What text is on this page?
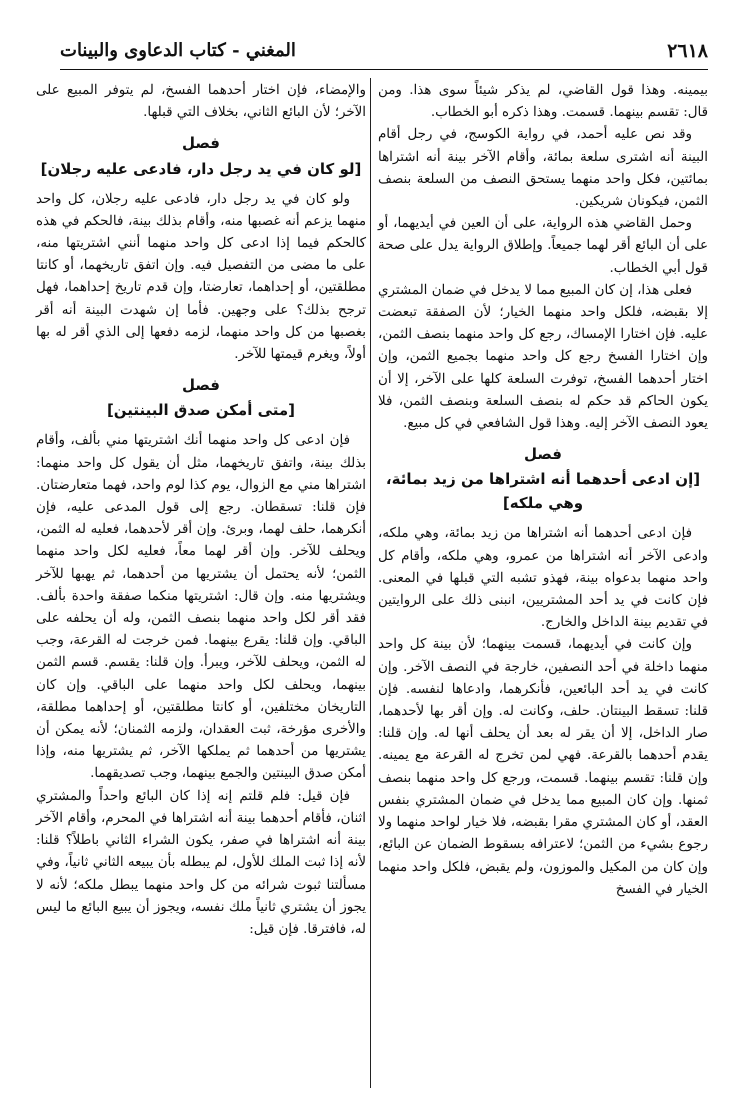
٢٦١٨
المغني - كتاب الدعاوى والبينات

بيمينه. وهذا قول القاضي، لم يذكر شيئاً سوى هذا. ومن قال: تقسم بينهما. قسمت. وهذا ذكره أبو الخطاب.

وقد نص عليه أحمد، في رواية الكوسج، في رجل أقام البينة أنه اشترى سلعة بمائة، وأقام الآخر بينة أنه اشتراها بمائتين، فكل واحد منهما يستحق النصف من السلعة بنصف الثمن، فيكونان شريكين.

وحمل القاضي هذه الرواية، على أن العين في أيديهما، أو على أن البائع أقر لهما جميعاً. وإطلاق الرواية يدل على صحة قول أبي الخطاب.

فعلى هذا، إن كان المبيع مما لا يدخل في ضمان المشتري إلا بقبضه، فلكل واحد منهما الخيار؛ لأن الصفقة تبعضت عليه. فإن اختارا الإمساك، رجع كل واحد منهما بنصف الثمن، وإن اختارا الفسخ رجع كل واحد منهما بجميع الثمن، وإن اختار أحدهما الفسخ، توفرت السلعة كلها على الآخر، إلا أن يكون الحاكم قد حكم له بنصف السلعة وبنصف الثمن، فلا يعود النصف الآخر إليه. وهذا قول الشافعي في كل مبيع.

فصل
[إن ادعى أحدهما أنه اشتراها من زيد بمائة، وهي ملكه]

فإن ادعى أحدهما أنه اشتراها من زيد بمائة، وهي ملكه، وادعى الآخر أنه اشتراها من عمرو، وهي ملكه، وأقام كل واحد منهما بدعواه بينة، فهذو تشبه التي قبلها في المعنى. فإن كانت في يد أحد المشتريين، انبنى ذلك على الروايتين في تقديم بينة الداخل والخارج.

وإن كانت في أيديهما، قسمت بينهما؛ لأن بينة كل واحد منهما داخلة في أحد النصفين، خارجة في النصف الآخر. وإن كانت في يد أحد البائعين، فأنكرهما، وادعاها لنفسه. فإن قلنا: تسقط البينتان. حلف، وكانت له. وإن أقر بها لأحدهما، صار الداخل، إلا أن يقر له بعد أن يحلف أنها له. وإن قلنا: يقدم أحدهما بالقرعة. فهي لمن تخرج له القرعة مع يمينه. وإن قلنا: تقسم بينهما. قسمت، ورجع كل واحد منهما بنصف ثمنها. وإن كان المبيع مما يدخل في ضمان المشتري بنفس العقد، أو كان المشتري مقرا بقبضه، فلا خيار لواحد منهما ولا رجوع بشيء من الثمن؛ لاعترافه بسقوط الضمان عن البائع، وإن كان من المكيل والموزون، ولم يقبض، فلكل واحد منهما الخيار في الفسخ

والإمضاء، فإن اختار أحدهما الفسخ، لم يتوفر المبيع على الآخر؛ لأن البائع الثاني، بخلاف التي قبلها.

فصل
[لو كان في يد رجل دار، فادعى عليه رجلان]

ولو كان في يد رجل دار، فادعى عليه رجلان، كل واحد منهما يزعم أنه غصبها منه، وأقام بذلك بينة، فالحكم في هذه كالحكم فيما إذا ادعى كل واحد منهما أنني اشتريتها منه، على ما مضى من التفصيل فيه. وإن اتفق تاريخهما، أو كانتا مطلقتين، أو إحداهما، تعارضتا، وإن قدم تاريخ إحداهما، فهل ترجح بذلك؟ على وجهين. فأما إن شهدت البينة أنه أقر بغصبها من كل واحد منهما، لزمه دفعها إلى الذي أقر له بها أولاً، ويغرم قيمتها للآخر.

فصل
[متى أمكن صدق البينتين]

فإن ادعى كل واحد منهما أنك اشتريتها مني بألف، وأقام بذلك بينة، واتفق تاريخهما، مثل أن يقول كل واحد منهما: اشتراها مني مع الزوال، يوم كذا لوم واحد، فهما متعارضتان. فإن قلنا: تسقطان. رجع إلى قول المدعى عليه، فإن أنكرهما، حلف لهما، وبرئ. وإن أقر لأحدهما، فعليه له الثمن، ويحلف للآخر. وإن أقر لهما معاً، فعليه لكل واحد منهما الثمن؛ لأنه يحتمل أن يشتريها من أحدهما، ثم يهبها للآخر ويشتريها منه. وإن قال: اشتريتها منكما صفقة واحدة بألف. فقد أقر لكل واحد منهما بنصف الثمن، وله أن يحلفه على الباقي. وإن قلنا: يقرع بينهما. فمن خرجت له القرعة، وجب له الثمن، ويحلف للآخر، ويبرأ. وإن قلنا: يقسم. قسم الثمن بينهما، ويحلف لكل واحد منهما على الباقي. وإن كان التاريخان مختلفين، أو كانتا مطلقتين، أو إحداهما مطلقة، والأخرى مؤرخة، ثبت العقدان، ولزمه الثمنان؛ لأنه يمكن أن يشتريها من أحدهما ثم يملكها الآخر، ثم يشتريها منه، وإذا أمكن صدق البينتين والجمع بينهما، وجب تصديقهما.

فإن قيل: فلم قلتم إنه إذا كان البائع واحداً والمشتري اثنان، فأقام أحدهما بينة أنه اشتراها في المحرم، وأقام الآخر بينة أنه اشتراها في صفر، يكون الشراء الثاني باطلاً؟ قلنا: لأنه إذا ثبت الملك للأول، لم يبطله بأن يبيعه الثاني ثانياً، وفي مسألتنا ثبوت شرائه من كل واحد منهما يبطل ملكه؛ لأنه لا يجوز أن يشتري ثانياً ملك نفسه، ويجوز أن يبيع البائع ما ليس له، فافترقا. فإن قيل:
